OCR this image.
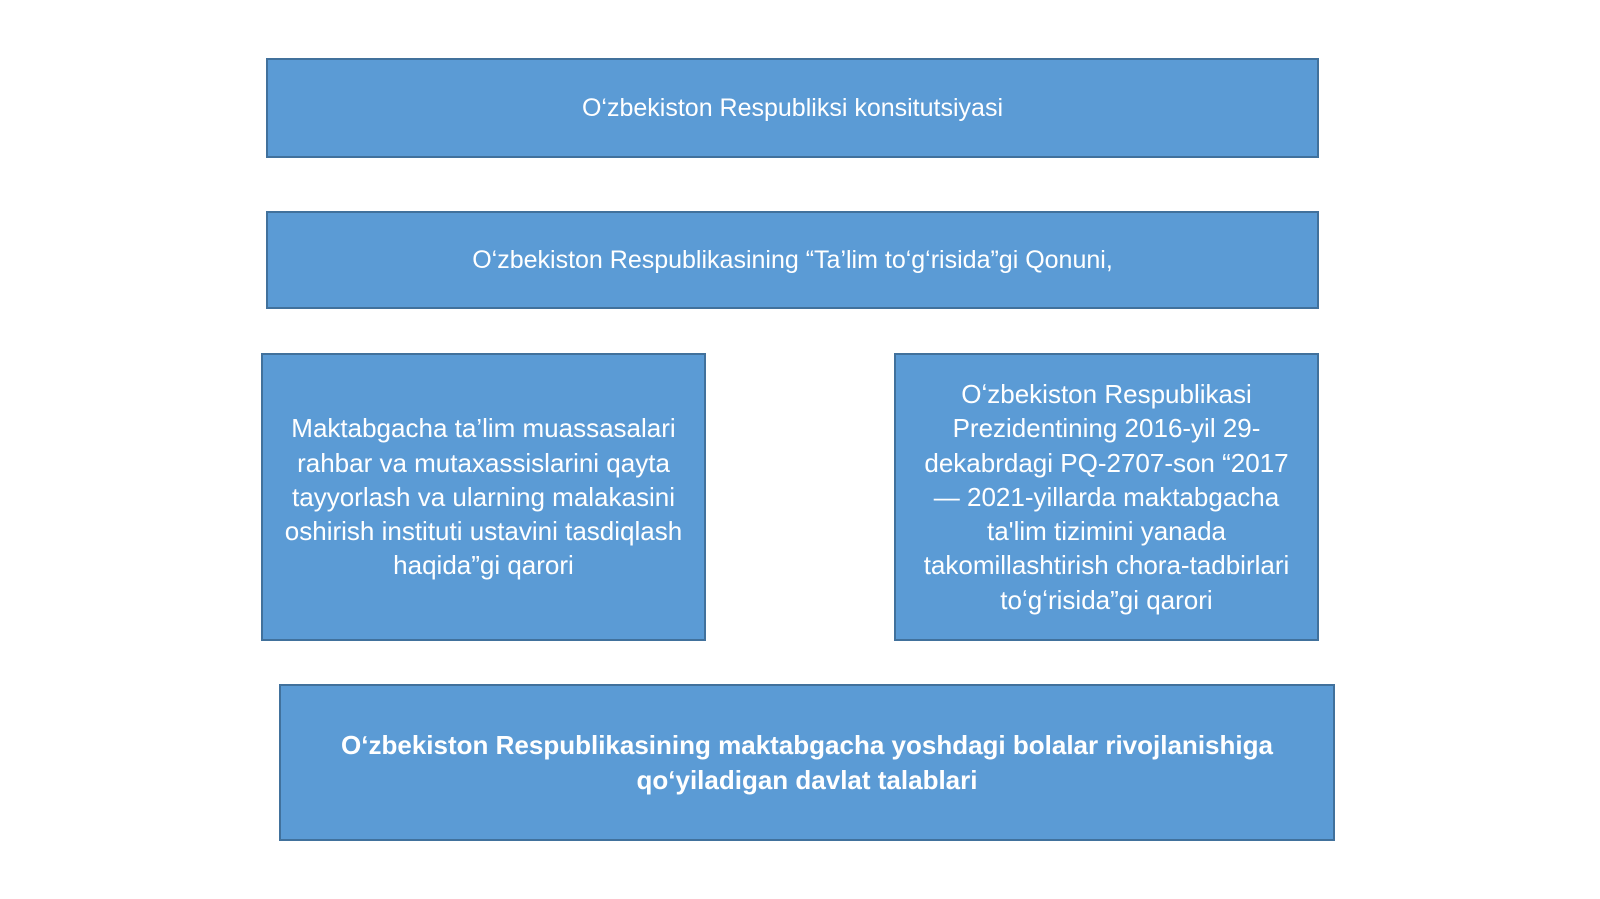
O‘zbekiston Respubliksi konsitutsiyasi
O‘zbekiston Respublikasining “Ta’lim to‘g‘risida”gi Qonuni,
Maktabgacha ta’lim muassasalari rahbar va mutaxassislarini qayta tayyorlash va ularning malakasini oshirish instituti ustavini tasdiqlash haqida”gi qarori
Oʻzbekiston Respublikasi Prezidentining 2016-yil 29-dekabrdagi PQ-2707-son “2017 — 2021-yillarda maktabgacha ta'lim tizimini yanada takomillashtirish chora-tadbirlari toʻgʻrisida”gi qarori
Oʻzbekiston Respublikasining maktabgacha yoshdagi bolalar rivojlanishiga qoʻyiladigan davlat talablari
